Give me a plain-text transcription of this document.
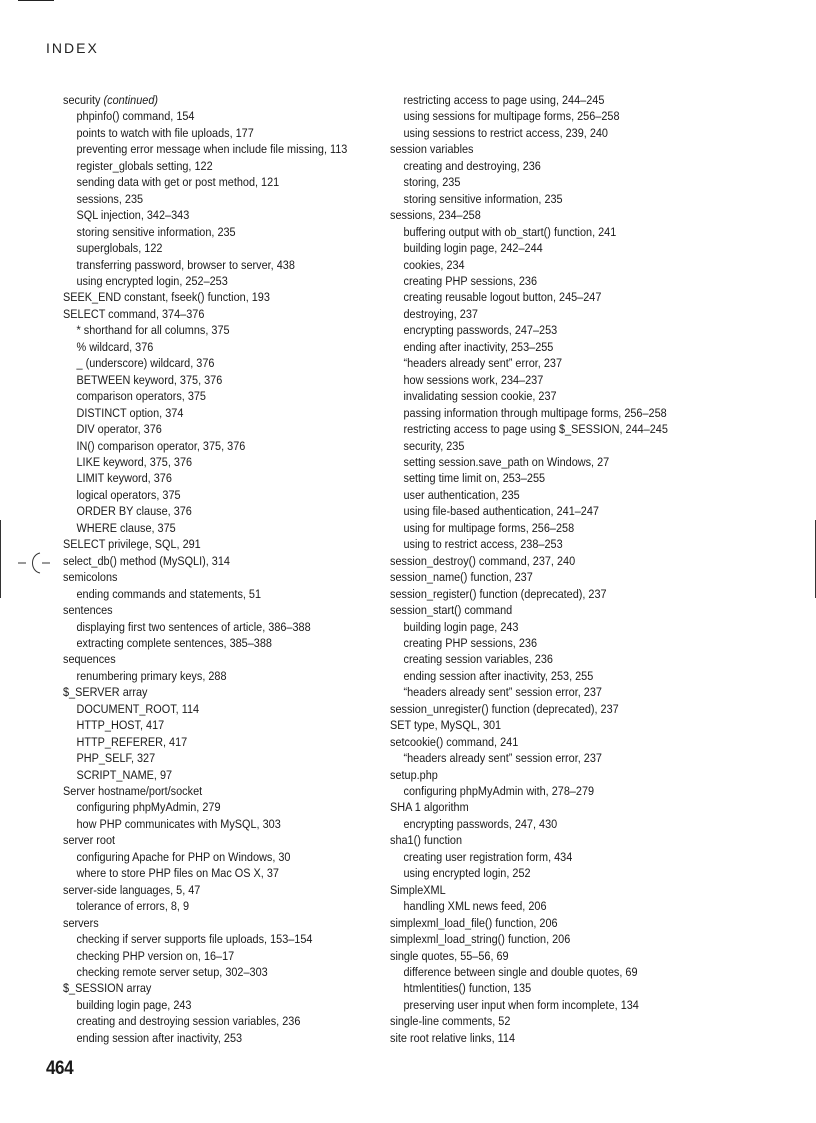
INDEX
security (continued)
phpinfo() command, 154
points to watch with file uploads, 177
preventing error message when include file missing, 113
register_globals setting, 122
sending data with get or post method, 121
sessions, 235
SQL injection, 342–343
storing sensitive information, 235
superglobals, 122
transferring password, browser to server, 438
using encrypted login, 252–253
SEEK_END constant, fseek() function, 193
SELECT command, 374–376
* shorthand for all columns, 375
% wildcard, 376
_ (underscore) wildcard, 376
BETWEEN keyword, 375, 376
comparison operators, 375
DISTINCT option, 374
DIV operator, 376
IN() comparison operator, 375, 376
LIKE keyword, 375, 376
LIMIT keyword, 376
logical operators, 375
ORDER BY clause, 376
WHERE clause, 375
SELECT privilege, SQL, 291
select_db() method (MySQLI), 314
semicolons
ending commands and statements, 51
sentences
displaying first two sentences of article, 386–388
extracting complete sentences, 385–388
sequences
renumbering primary keys, 288
$_SERVER array
DOCUMENT_ROOT, 114
HTTP_HOST, 417
HTTP_REFERER, 417
PHP_SELF, 327
SCRIPT_NAME, 97
Server hostname/port/socket
configuring phpMyAdmin, 279
how PHP communicates with MySQL, 303
server root
configuring Apache for PHP on Windows, 30
where to store PHP files on Mac OS X, 37
server-side languages, 5, 47
tolerance of errors, 8, 9
servers
checking if server supports file uploads, 153–154
checking PHP version on, 16–17
checking remote server setup, 302–303
$_SESSION array
building login page, 243
creating and destroying session variables, 236
ending session after inactivity, 253
restricting access to page using, 244–245
using sessions for multipage forms, 256–258
using sessions to restrict access, 239, 240
session variables
creating and destroying, 236
storing, 235
storing sensitive information, 235
sessions, 234–258
buffering output with ob_start() function, 241
building login page, 242–244
cookies, 234
creating PHP sessions, 236
creating reusable logout button, 245–247
destroying, 237
encrypting passwords, 247–253
ending after inactivity, 253–255
“headers already sent” error, 237
how sessions work, 234–237
invalidating session cookie, 237
passing information through multipage forms, 256–258
restricting access to page using $_SESSION, 244–245
security, 235
setting session.save_path on Windows, 27
setting time limit on, 253–255
user authentication, 235
using file-based authentication, 241–247
using for multipage forms, 256–258
using to restrict access, 238–253
session_destroy() command, 237, 240
session_name() function, 237
session_register() function (deprecated), 237
session_start() command
building login page, 243
creating PHP sessions, 236
creating session variables, 236
ending session after inactivity, 253, 255
“headers already sent” session error, 237
session_unregister() function (deprecated), 237
SET type, MySQL, 301
setcookie() command, 241
“headers already sent” session error, 237
setup.php
configuring phpMyAdmin with, 278–279
SHA 1 algorithm
encrypting passwords, 247, 430
sha1() function
creating user registration form, 434
using encrypted login, 252
SimpleXML
handling XML news feed, 206
simplexml_load_file() function, 206
simplexml_load_string() function, 206
single quotes, 55–56, 69
difference between single and double quotes, 69
htmlentities() function, 135
preserving user input when form incomplete, 134
single-line comments, 52
site root relative links, 114
464
